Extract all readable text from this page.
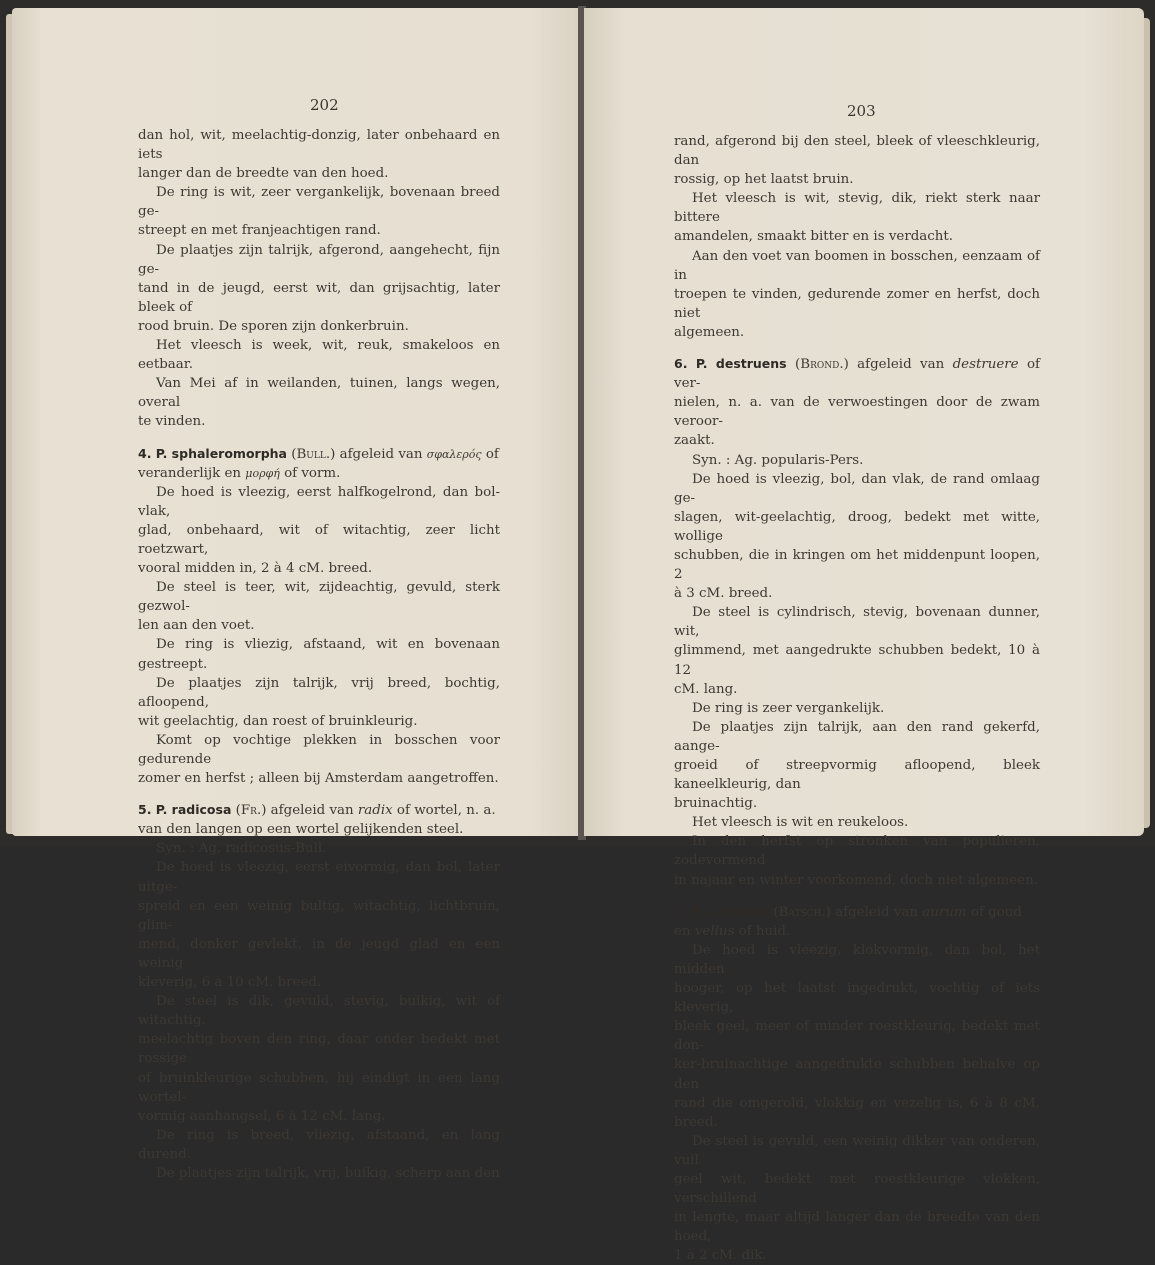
202

dan hol, wit, meelachtig-donzig, later onbehaard en iets

langer dan de breedte van den hoed.

De ring is wit, zeer vergankelijk, bovenaan breed ge-

streept en met franjeachtigen rand.

De plaatjes zijn talrijk, afgerond, aangehecht, fijn ge-

tand in de jeugd, eerst wit, dan grijsachtig, later bleek of

rood bruin. De sporen zijn donkerbruin.

Het vleesch is week, wit, reuk, smakeloos en eetbaar.

Van Mei af in weilanden, tuinen, langs wegen, overal

te vinden.

4. P. sphaleromorpha (Bull.) afgeleid van σφαλερός of

veranderlijk en μορφή of vorm.

De hoed is vleezig, eerst halfkogelrond, dan bol-vlak,

glad, onbehaard, wit of witachtig, zeer licht roetzwart,

vooral midden in, 2 à 4 cM. breed.

De steel is teer, wit, zijdeachtig, gevuld, sterk gezwol-

len aan den voet.

De ring is vliezig, afstaand, wit en bovenaan gestreept.

De plaatjes zijn talrijk, vrij breed, bochtig, afloopend,

wit geelachtig, dan roest of bruinkleurig.

Komt op vochtige plekken in bosschen voor gedurende

zomer en herfst ; alleen bij Amsterdam aangetroffen.

5. P. radicosa (Fr.) afgeleid van radix of wortel, n. a.

van den langen op een wortel gelijkenden steel.

Syn. : Ag. radicosus-Bull.

De hoed is vleezig, eerst eivormig, dan bol, later uitge-

spreid en een weinig bultig, witachtig, lichtbruin, glim-

mend, donker gevlekt, in de jeugd glad en een weinig

kleverig, 6 à 10 cM. breed.

De steel is dik, gevuld, stevig, buikig, wit of witachtig.

meelachtig boven den ring, daar onder bedekt met rossige

of bruinkleurige schubben, hij eindigt in een lang wortel-

vormig aanhangsel, 6 à 12 cM. lang.

De ring is breed, vliezig, afstaand, en lang durend.

De plaatjes zijn talrijk, vrij, buikig, scherp aan den

203

rand, afgerond bij den steel, bleek of vleeschkleurig, dan

rossig, op het laatst bruin.

Het vleesch is wit, stevig, dik, riekt sterk naar bittere

amandelen, smaakt bitter en is verdacht.

Aan den voet van boomen in bosschen, eenzaam of in

troepen te vinden, gedurende zomer en herfst, doch niet

algemeen.

6. P. destruens (Brond.) afgeleid van destruere of ver-

nielen, n. a. van de verwoestingen door de zwam veroor-

zaakt.

Syn. : Ag. popularis-Pers.

De hoed is vleezig, bol, dan vlak, de rand omlaag ge-

slagen, wit-geelachtig, droog, bedekt met witte, wollige

schubben, die in kringen om het middenpunt loopen, 2

à 3 cM. breed.

De steel is cylindrisch, stevig, bovenaan dunner, wit,

glimmend, met aangedrukte schubben bedekt, 10 à 12

cM. lang.

De ring is zeer vergankelijk.

De plaatjes zijn talrijk, aan den rand gekerfd, aange-

groeid of streepvormig afloopend, bleek kaneelkleurig, dan

bruinachtig.

Het vleesch is wit en reukeloos.

In den herfst op stronken van populieren, zodevormend

in najaar en winter voorkomend, doch niet algemeen.

7. P. aurivella (Batsch.) afgeleid van aurum of goud

en vellus of huid.

De hoed is vleezig, klokvormig, dan bol, het midden

hooger, op het laatst ingedrukt, vochtig of iets kleverig,

bleek geel, meer of minder roestkleurig, bedekt met don-

ker-bruinachtige aangedrukte schubben behalve op den

rand die omgerold, vlokkig en vezelig is, 6 à 8 cM. breed.

De steel is gevuld, een weinig dikker van onderen, vuil

geel wit, bedekt met roestkleurige vlokken, verschillend

in lengte, maar altijd langer dan de breedte van den hoed,

1 à 2 cM. dik.
